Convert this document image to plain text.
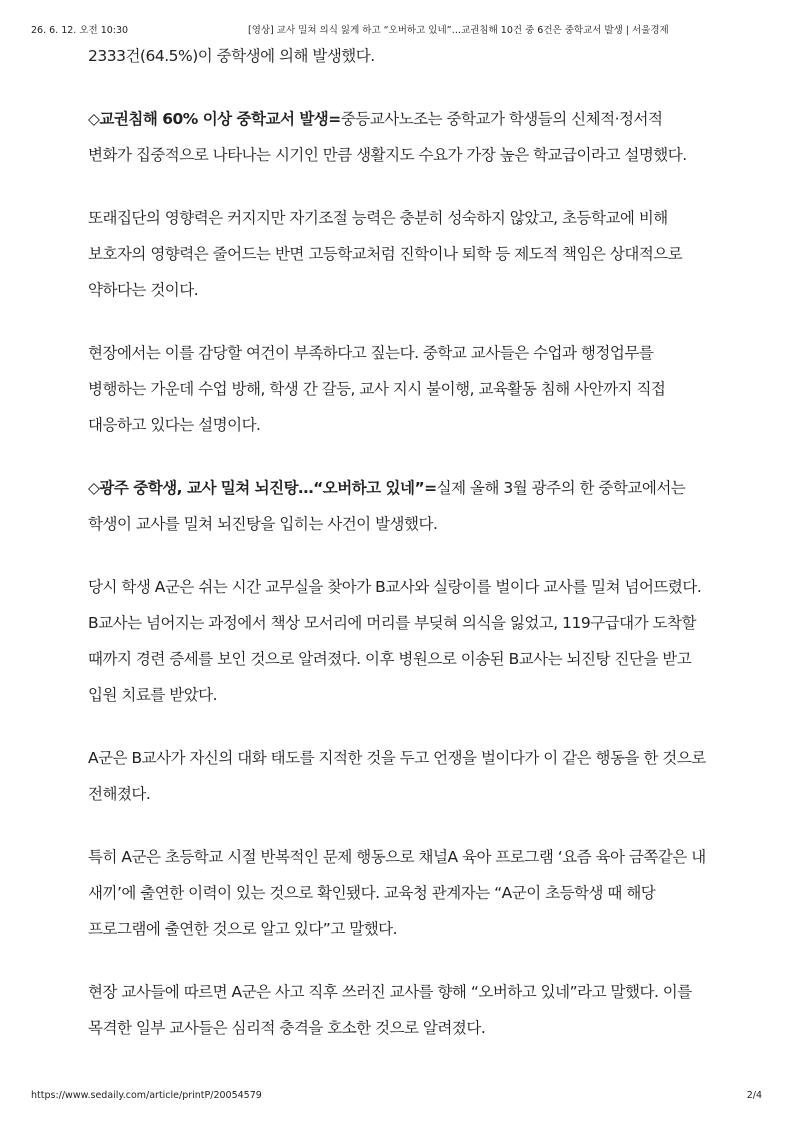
26. 6. 12. 오전 10:30	[영상] 교사 밀쳐 의식 잃게 하고 “오버하고 있네”…교권침해 10건 중 6건은 중학교서 발생 | 서울경제

2333건(64.5%)이 중학생에 의해 발생했다.

◇교권침해 60% 이상 중학교서 발생=중등교사노조는 중학교가 학생들의 신체적·정서적 변화가 집중적으로 나타나는 시기인 만큼 생활지도 수요가 가장 높은 학교급이라고 설명했다.

또래집단의 영향력은 커지지만 자기조절 능력은 충분히 성숙하지 않았고, 초등학교에 비해 보호자의 영향력은 줄어드는 반면 고등학교처럼 진학이나 퇴학 등 제도적 책임은 상대적으로 약하다는 것이다.

현장에서는 이를 감당할 여건이 부족하다고 짚는다. 중학교 교사들은 수업과 행정업무를 병행하는 가운데 수업 방해, 학생 간 갈등, 교사 지시 불이행, 교육활동 침해 사안까지 직접 대응하고 있다는 설명이다.

◇광주 중학생, 교사 밀쳐 뇌진탕…“오버하고 있네”=실제 올해 3월 광주의 한 중학교에서는 학생이 교사를 밀쳐 뇌진탕을 입히는 사건이 발생했다.

당시 학생 A군은 쉬는 시간 교무실을 찾아가 B교사와 실랑이를 벌이다 교사를 밀쳐 넘어뜨렸다. B교사는 넘어지는 과정에서 책상 모서리에 머리를 부딪혀 의식을 잃었고, 119구급대가 도착할 때까지 경련 증세를 보인 것으로 알려졌다. 이후 병원으로 이송된 B교사는 뇌진탕 진단을 받고 입원 치료를 받았다.

A군은 B교사가 자신의 대화 태도를 지적한 것을 두고 언쟁을 벌이다가 이 같은 행동을 한 것으로 전해졌다.

특히 A군은 초등학교 시절 반복적인 문제 행동으로 채널A 육아 프로그램 ‘요즘 육아 금쪽같은 내 새끼’에 출연한 이력이 있는 것으로 확인됐다. 교육청 관계자는 “A군이 초등학생 때 해당 프로그램에 출연한 것으로 알고 있다”고 말했다.

현장 교사들에 따르면 A군은 사고 직후 쓰러진 교사를 향해 “오버하고 있네”라고 말했다. 이를 목격한 일부 교사들은 심리적 충격을 호소한 것으로 알려졌다.

https://www.sedaily.com/article/printP/20054579	2/4
